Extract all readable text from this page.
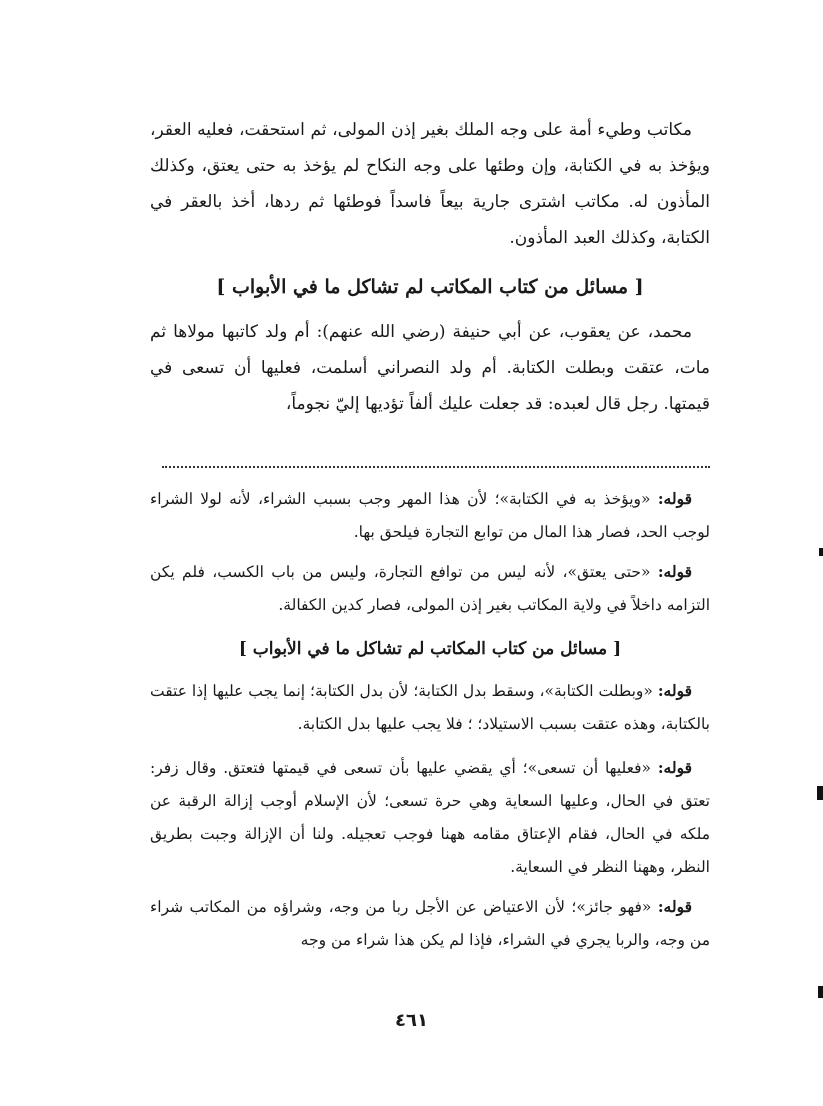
مكاتب وطيء أمة على وجه الملك بغير إذن المولى، ثم استحقت، فعليه العقر، ويؤخذ به في الكتابة، وإن وطئها على وجه النكاح لم يؤخذ به حتى يعتق، وكذلك المأذون له. مكاتب اشترى جارية بيعاً فاسداً فوطئها ثم ردها، أخذ بالعقر في الكتابة، وكذلك العبد المأذون.

[ مسائل من كتاب المكاتب لم تشاكل ما في الأبواب ]

محمد، عن يعقوب، عن أبي حنيفة (رضي الله عنهم): أم ولد كاتبها مولاها ثم مات، عتقت وبطلت الكتابة. أم ولد النصراني أسلمت، فعليها أن تسعى في قيمتها. رجل قال لعبده: قد جعلت عليك ألفاً تؤديها إليّ نجوماً،

قوله: «ويؤخذ به في الكتابة»؛ لأن هذا المهر وجب بسبب الشراء، لأنه لولا الشراء لوجب الحد، فصار هذا المال من توابع التجارة فيلحق بها.

قوله: «حتى يعتق»، لأنه ليس من توافع التجارة، وليس من باب الكسب، فلم يكن التزامه داخلاً في ولاية المكاتب بغير إذن المولى، فصار كدين الكفالة.

[ مسائل من كتاب المكاتب لم تشاكل ما في الأبواب ]

قوله: «وبطلت الكتابة»، وسقط بدل الكتابة؛ لأن بدل الكتابة؛ إنما يجب عليها إذا عتقت بالكتابة، وهذه عتقت بسبب الاستيلاد؛ ؛ فلا يجب عليها بدل الكتابة.

قوله: «فعليها أن تسعى»؛ أي يقضي عليها بأن تسعى في قيمتها فتعتق. وقال زفر: تعتق في الحال، وعليها السعاية وهي حرة تسعى؛ لأن الإسلام أوجب إزالة الرقبة عن ملكه في الحال، فقام الإعتاق مقامه ههنا فوجب تعجيله. ولنا أن الإزالة وجبت بطريق النظر، وههنا النظر في السعاية.

قوله: «فهو جائز»؛ لأن الاعتياض عن الأجل ربا من وجه، وشراؤه من المكاتب شراء من وجه، والربا يجري في الشراء، فإذا لم يكن هذا شراء من وجه

٤٦١
